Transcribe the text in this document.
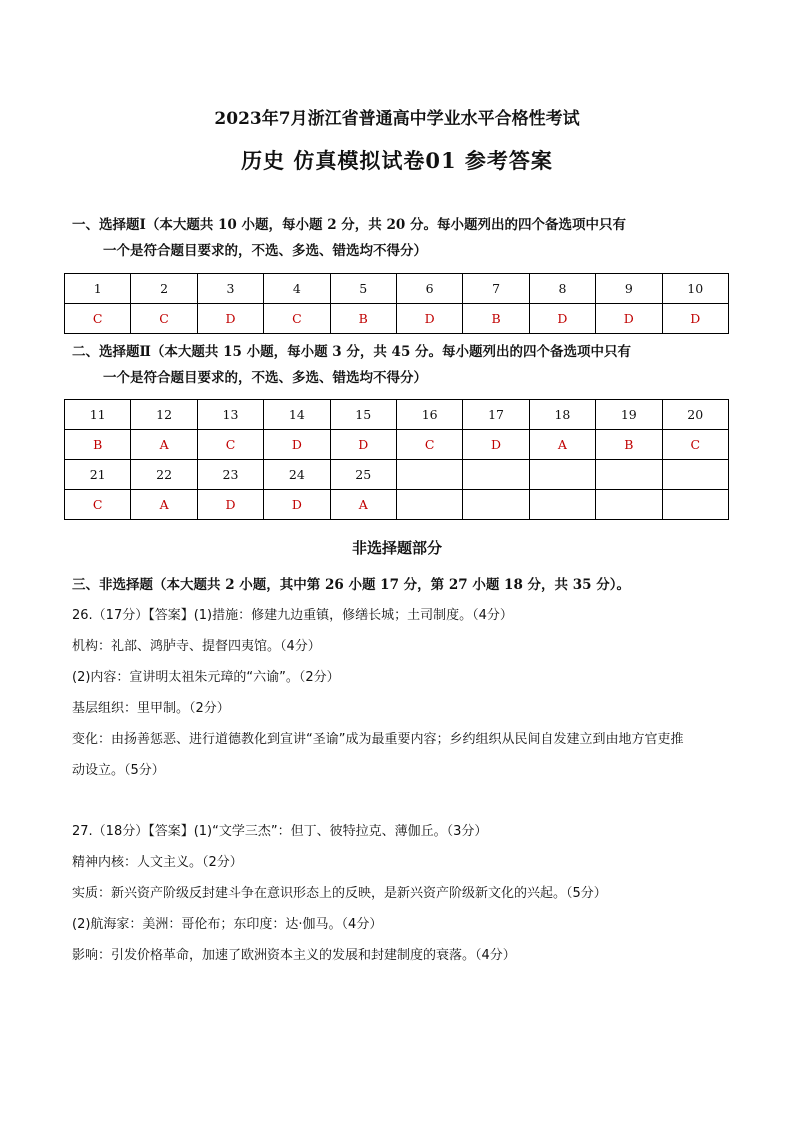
2023年7月浙江省普通高中学业水平合格性考试
历史 仿真模拟试卷01 参考答案
一、选择题Ⅰ（本大题共 10 小题，每小题 2 分，共 20 分。每小题列出的四个备选项中只有
一个是符合题目要求的，不选、多选、错选均不得分）
1	2	3	4	5	6	7	8	9	10
C	C	D	C	B	D	B	D	D	D
二、选择题Ⅱ（本大题共 15 小题，每小题 3 分，共 45 分。每小题列出的四个备选项中只有
一个是符合题目要求的，不选、多选、错选均不得分）
11	12	13	14	15	16	17	18	19	20
B	A	C	D	D	C	D	A	B	C
21	22	23	24	25					
C	A	D	D	A					
非选择题部分
三、非选择题（本大题共 2 小题，其中第 26 小题 17 分，第 27 小题 18 分，共 35 分）。

26.（17分）【答案】(1)措施：修建九边重镇，修缮长城；土司制度。（4分）

机构：礼部、鸿胪寺、提督四夷馆。（4分）

(2)内容：宣讲明太祖朱元璋的“六谕”。（2分）

基层组织：里甲制。（2分）

变化：由扬善惩恶、进行道德教化到宣讲“圣谕”成为最重要内容；乡约组织从民间自发建立到由地方官吏推

动设立。（5分）

27.（18分）【答案】(1)“文学三杰”：但丁、彼特拉克、薄伽丘。（3分）

精神内核：人文主义。（2分）

实质：新兴资产阶级反封建斗争在意识形态上的反映，是新兴资产阶级新文化的兴起。（5分）

(2)航海家：美洲：哥伦布；东印度：达·伽马。（4分）

影响：引发价格革命，加速了欧洲资本主义的发展和封建制度的衰落。（4分）
